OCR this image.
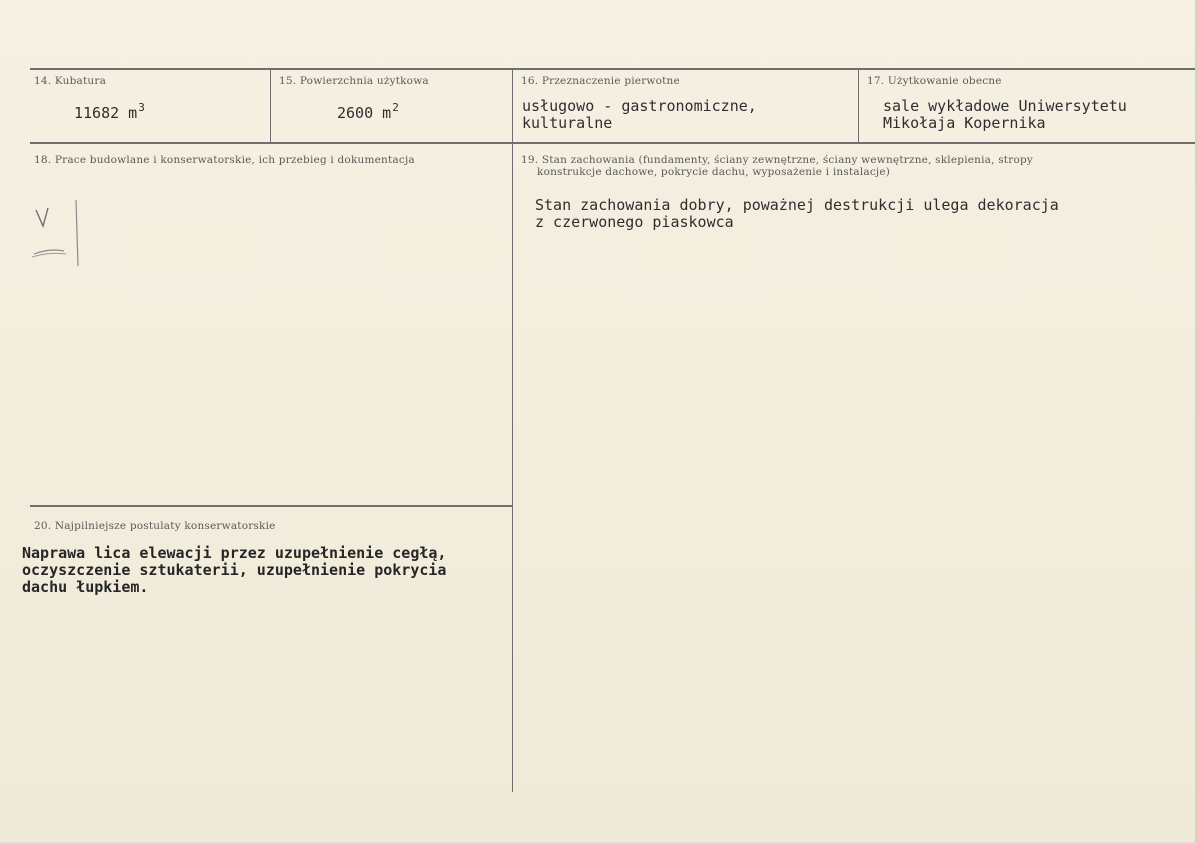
14. Kubatura
11682 $m^3$
15. Powierzchnia użytkowa
2600 $m^2$
16. Przeznaczenie pierwotne
usługowo - gastronomiczne,
kulturalne
17. Użytkowanie obecne
sale wykładowe Uniwersytetu
Mikołaja Kopernika
18. Prace budowlane i konserwatorskie, ich przebieg i dokumentacja	19. Stan zachowania (fundamenty, ściany zewnętrzne, ściany wewnętrzne, sklepienia, stropy
konstrukcje dachowe, pokrycie dachu, wyposażenie i instalacje)
Stan zachowania dobry, poważnej destrukcji ulega dekoracja
z czerwonego piaskowca
20. Najpilniejsze postulaty konserwatorskie
Naprawa lica elewacji przez uzupełnienie cegłą,
oczyszczenie sztukaterii, uzupełnienie pokrycia
dachu łupkiem.
